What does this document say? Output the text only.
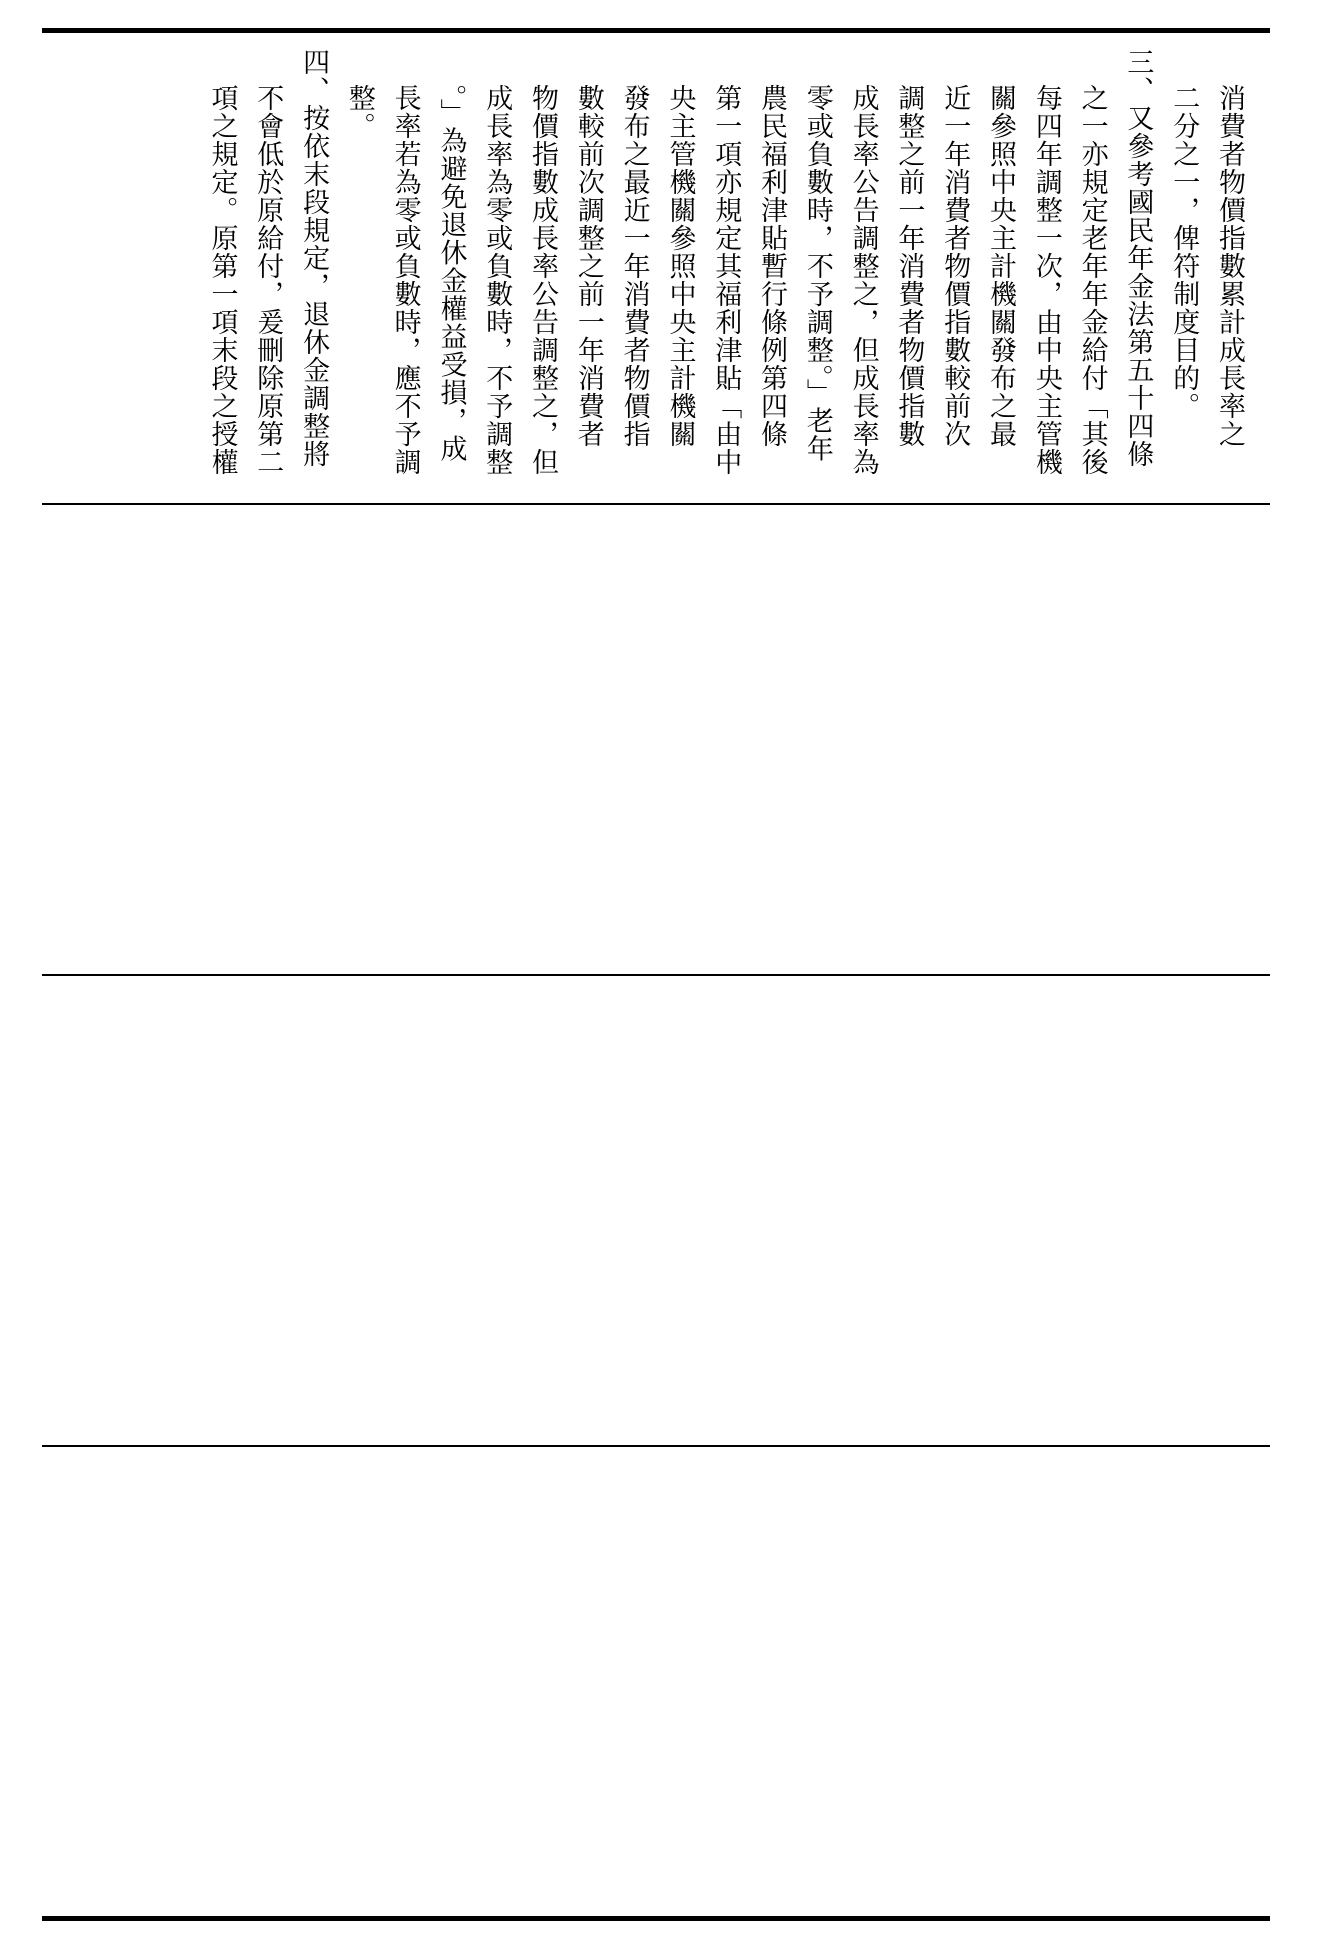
消費者物價指數累計成長率之
二分之一，俾符制度目的。
三、又參考國民年金法第五十四條
之一亦規定老年年金給付「其後
每四年調整一次，由中央主管機
關參照中央主計機關發布之最
近一年消費者物價指數較前次
調整之前一年消費者物價指數
成長率公告調整之，但成長率為
零或負數時，不予調整。」老年
農民福利津貼暫行條例第四條
第一項亦規定其福利津貼「由中
央主管機關參照中央主計機關
發布之最近一年消費者物價指
數較前次調整之前一年消費者
物價指數成長率公告調整之，但
成長率為零或負數時，不予調整
。」為避免退休金權益受損，成
長率若為零或負數時，應不予調
整。
四、按依末段規定，退休金調整將
不會低於原給付，爰刪除原第二
項之規定。原第一項末段之授權
